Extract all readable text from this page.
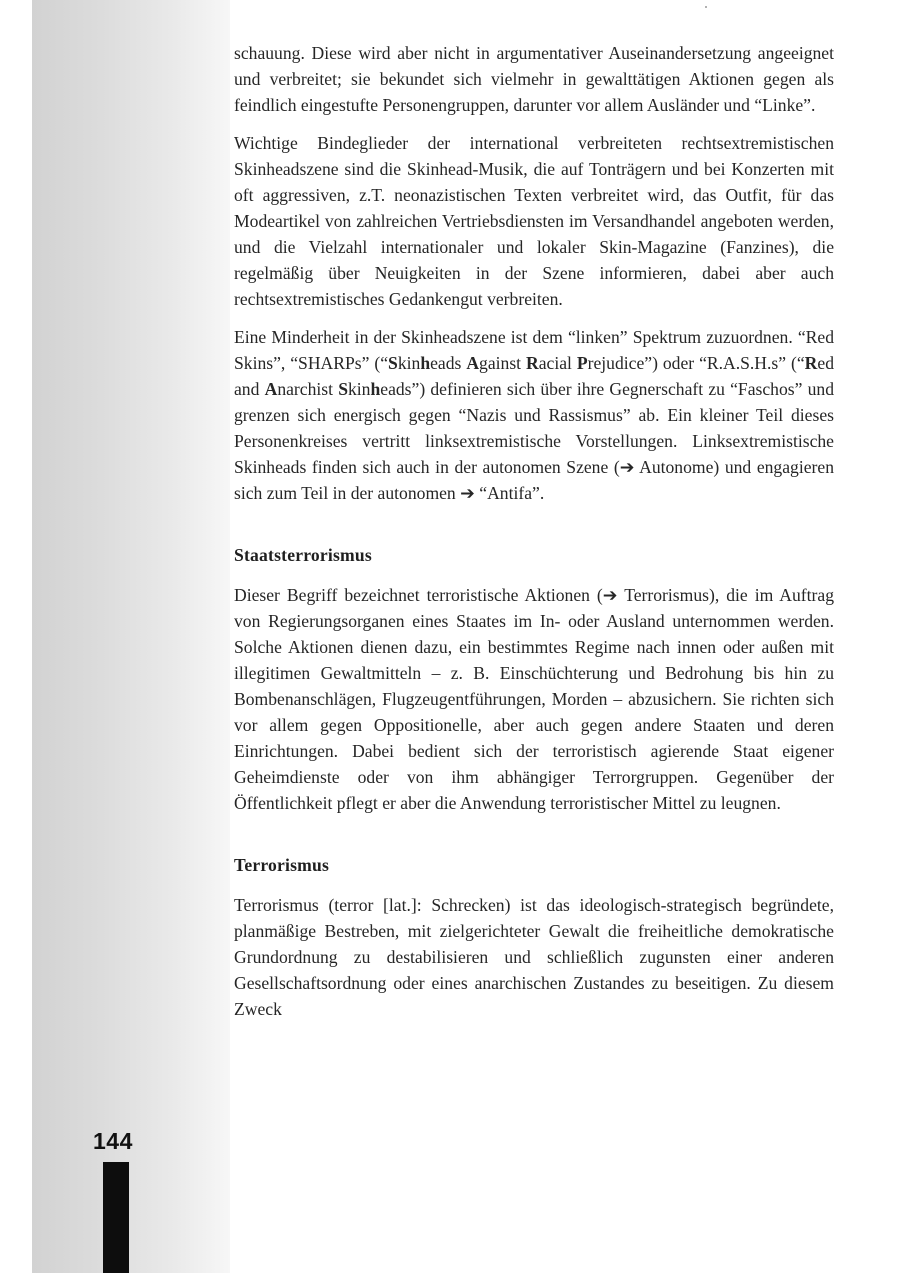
schauung. Diese wird aber nicht in argumentativer Auseinandersetzung angeeignet und verbreitet; sie bekundet sich vielmehr in gewalttätigen Aktionen gegen als feindlich eingestufte Personengruppen, darunter vor allem Ausländer und “Linke”.

Wichtige Bindeglieder der international verbreiteten rechtsextremistischen Skinheadszene sind die Skinhead-Musik, die auf Tonträgern und bei Konzerten mit oft aggressiven, z.T. neonazistischen Texten verbreitet wird, das Outfit, für das Modeartikel von zahlreichen Vertriebsdiensten im Versandhandel angeboten werden, und die Vielzahl internationaler und lokaler Skin-Magazine (Fanzines), die regelmäßig über Neuigkeiten in der Szene informieren, dabei aber auch rechtsextremistisches Gedankengut verbreiten.

Eine Minderheit in der Skinheadszene ist dem “linken” Spektrum zuzuordnen. “Red Skins”, “SHARPs” (“Skinheads Against Racial Prejudice”) oder “R.A.S.H.s” (“Red and Anarchist Skinheads”) definieren sich über ihre Gegnerschaft zu “Faschos” und grenzen sich energisch gegen “Nazis und Rassismus” ab. Ein kleiner Teil dieses Personenkreises vertritt linksextremistische Vorstellungen. Linksextremistische Skinheads finden sich auch in der autonomen Szene (➔ Autonome) und engagieren sich zum Teil in der autonomen ➔ “Antifa”.

Staatsterrorismus

Dieser Begriff bezeichnet terroristische Aktionen (➔ Terrorismus), die im Auftrag von Regierungsorganen eines Staates im In- oder Ausland unternommen werden. Solche Aktionen dienen dazu, ein bestimmtes Regime nach innen oder außen mit illegitimen Gewaltmitteln – z. B. Einschüchterung und Bedrohung bis hin zu Bombenanschlägen, Flugzeugentführungen, Morden – abzusichern. Sie richten sich vor allem gegen Oppositionelle, aber auch gegen andere Staaten und deren Einrichtungen. Dabei bedient sich der terroristisch agierende Staat eigener Geheimdienste oder von ihm abhängiger Terrorgruppen. Gegenüber der Öffentlichkeit pflegt er aber die Anwendung terroristischer Mittel zu leugnen.

Terrorismus

Terrorismus (terror [lat.]: Schrecken) ist das ideologisch-strategisch begründete, planmäßige Bestreben, mit zielgerichteter Gewalt die freiheitliche demokratische Grundordnung zu destabilisieren und schließlich zugunsten einer anderen Gesellschaftsordnung oder eines anarchischen Zustandes zu beseitigen. Zu diesem Zweck

144
